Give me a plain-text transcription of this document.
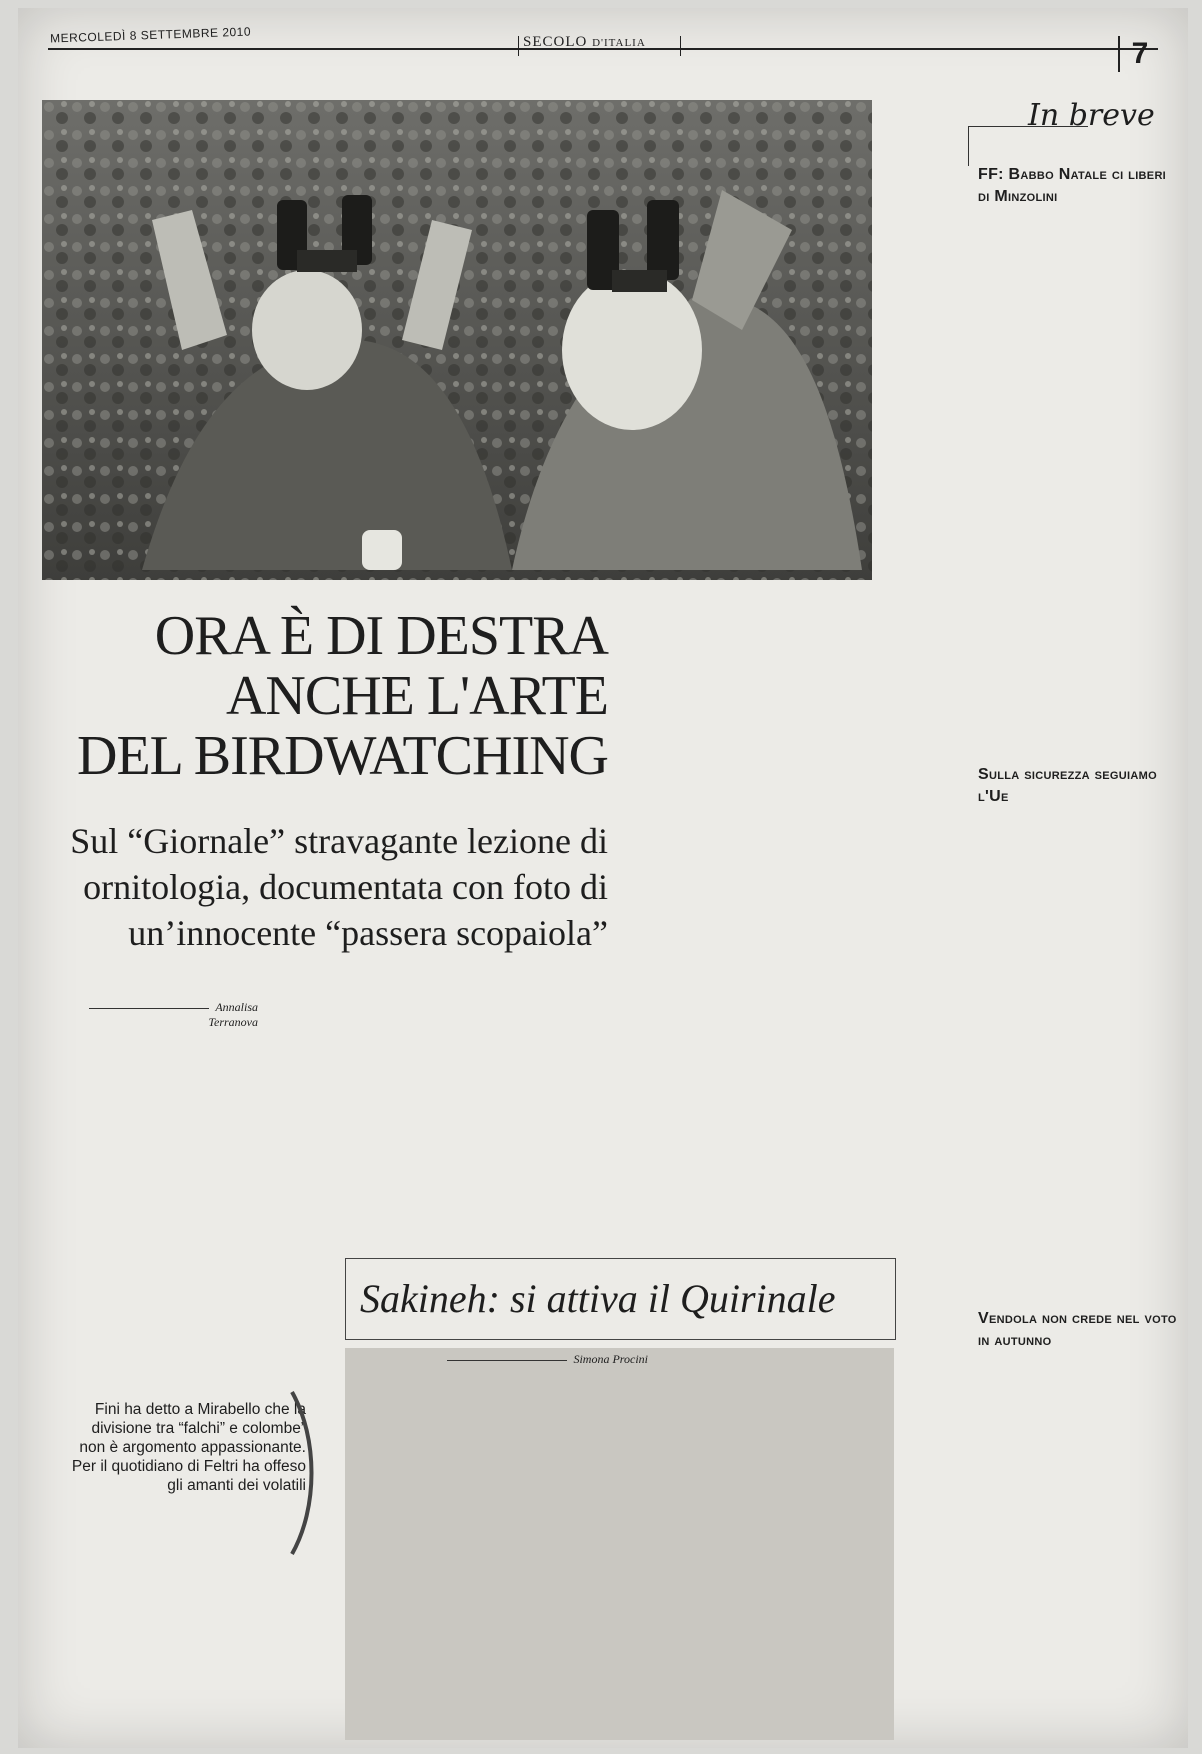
MERCOLEDÌ 8 SETTEMBRE 2010	SECOLO D'ITALIA	7
ORA È DI DESTRA
ANCHE L'ARTE
DEL BIRDWATCHING
Sul “Giornale” stravagante lezione di ornitologia, documentata con foto di un’innocente “passera scopaiola”
Annalisa Terranova
Fini ha detto a Mirabello che la divisione tra “falchi” e colombe” non è argomento appassionante. Per il quotidiano di Feltri ha offeso gli amanti dei volatili
Sakineh: si attiva il Quirinale
Simona Procini
In breve
FF: Babbo Natale ci liberi di Minzolini
Sulla sicurezza seguiamo l'Ue
Vendola non crede nel voto in autunno
